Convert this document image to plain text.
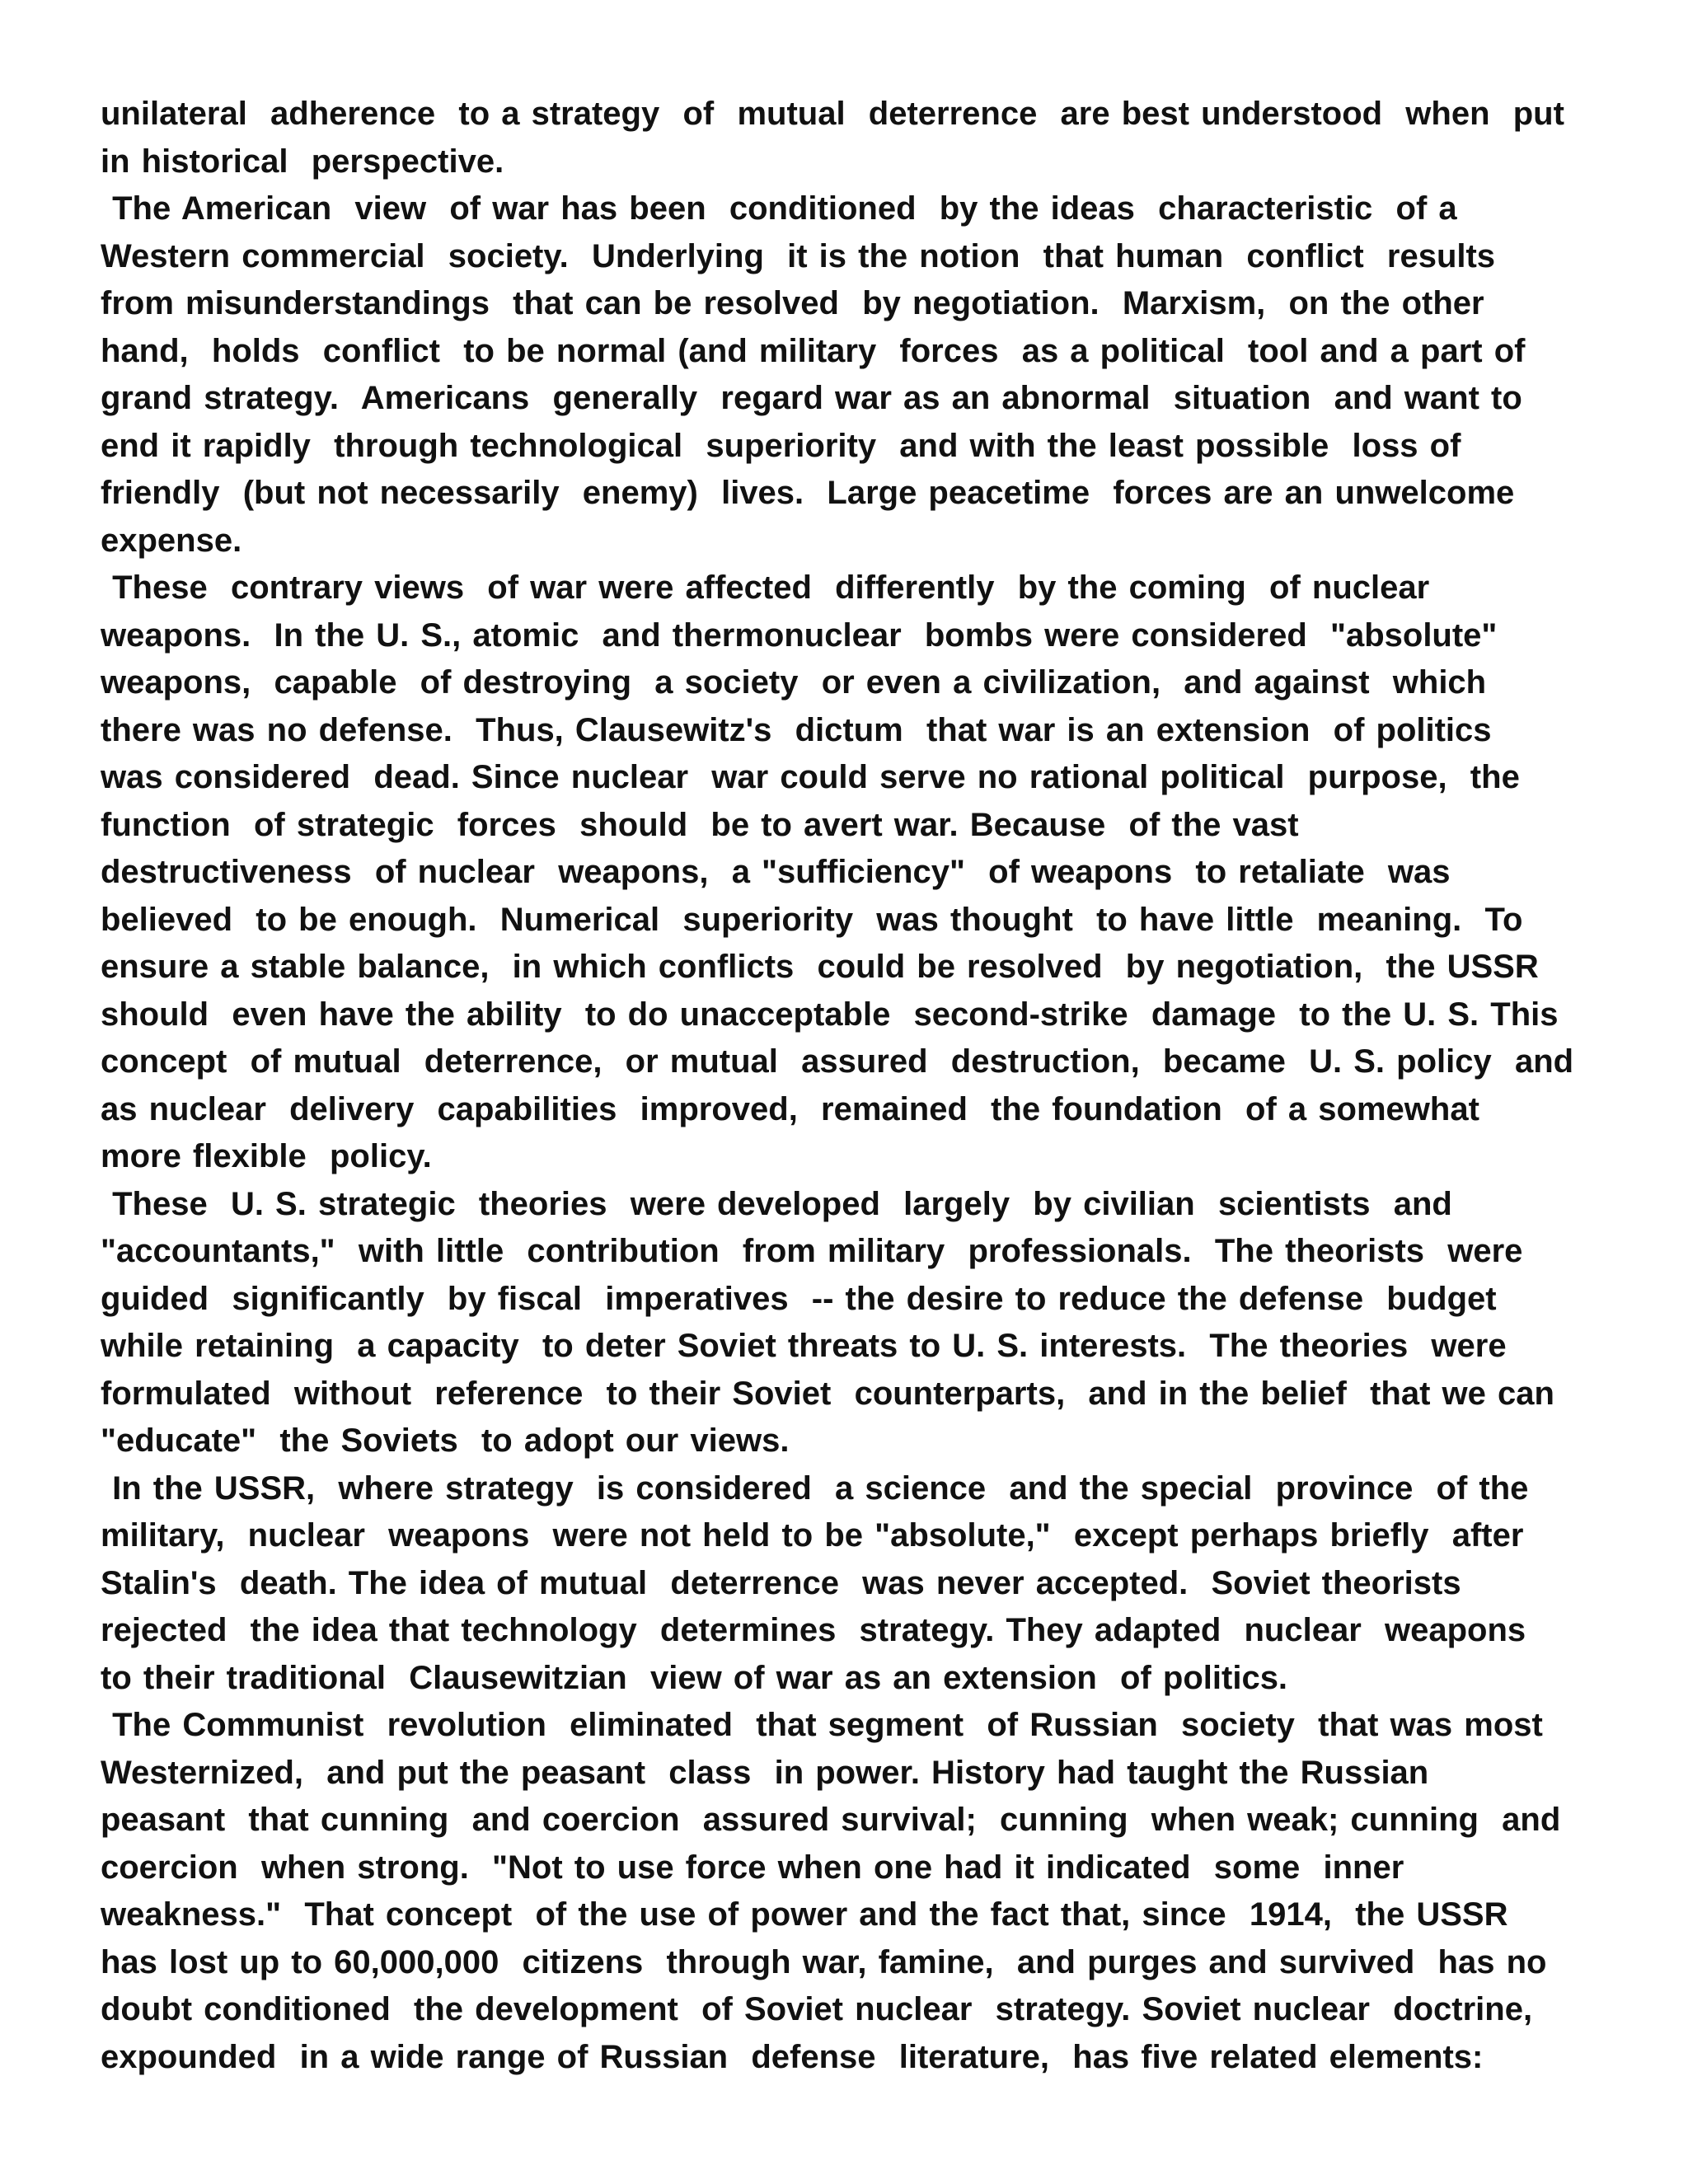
unilateral  adherence  to a strategy  of  mutual  deterrence  are best understood  when  put
in historical  perspective.
The American  view  of war has been  conditioned  by the ideas  characteristic  of a
Western commercial  society.  Underlying  it is the notion  that human  conflict  results
from misunderstandings  that can be resolved  by negotiation.  Marxism,  on the other
hand,  holds  conflict  to be normal (and military  forces  as a political  tool and a part of
grand strategy.  Americans  generally  regard war as an abnormal  situation  and want to
end it rapidly  through technological  superiority  and with the least possible  loss of
friendly  (but not necessarily  enemy)  lives.  Large peacetime  forces are an unwelcome
expense.
These  contrary views  of war were affected  differently  by the coming  of nuclear
weapons.  In the U. S., atomic  and thermonuclear  bombs were considered  "absolute"
weapons,  capable  of destroying  a society  or even a civilization,  and against  which
there was no defense.  Thus, Clausewitz's  dictum  that war is an extension  of politics
was considered  dead. Since nuclear  war could serve no rational political  purpose,  the
function  of strategic  forces  should  be to avert war. Because  of the vast
destructiveness  of nuclear  weapons,  a "sufficiency"  of weapons  to retaliate  was
believed  to be enough.  Numerical  superiority  was thought  to have little  meaning.  To
ensure a stable balance,  in which conflicts  could be resolved  by negotiation,  the USSR
should  even have the ability  to do unacceptable  second-strike  damage  to the U. S. This
concept  of mutual  deterrence,  or mutual  assured  destruction,  became  U. S. policy  and
as nuclear  delivery  capabilities  improved,  remained  the foundation  of a somewhat
more flexible  policy.
These  U. S. strategic  theories  were developed  largely  by civilian  scientists  and
"accountants,"  with little  contribution  from military  professionals.  The theorists  were
guided  significantly  by fiscal  imperatives  -- the desire to reduce the defense  budget
while retaining  a capacity  to deter Soviet threats to U. S. interests.  The theories  were
formulated  without  reference  to their Soviet  counterparts,  and in the belief  that we can
"educate"  the Soviets  to adopt our views.
In the USSR,  where strategy  is considered  a science  and the special  province  of the
military,  nuclear  weapons  were not held to be "absolute,"  except perhaps briefly  after
Stalin's  death. The idea of mutual  deterrence  was never accepted.  Soviet theorists
rejected  the idea that technology  determines  strategy. They adapted  nuclear  weapons
to their traditional  Clausewitzian  view of war as an extension  of politics.
The Communist  revolution  eliminated  that segment  of Russian  society  that was most
Westernized,  and put the peasant  class  in power. History had taught the Russian
peasant  that cunning  and coercion  assured survival;  cunning  when weak; cunning  and
coercion  when strong.  "Not to use force when one had it indicated  some  inner
weakness."  That concept  of the use of power and the fact that, since  1914,  the USSR
has lost up to 60,000,000  citizens  through war, famine,  and purges and survived  has no
doubt conditioned  the development  of Soviet nuclear  strategy. Soviet nuclear  doctrine,
expounded  in a wide range of Russian  defense  literature,  has five related elements:
